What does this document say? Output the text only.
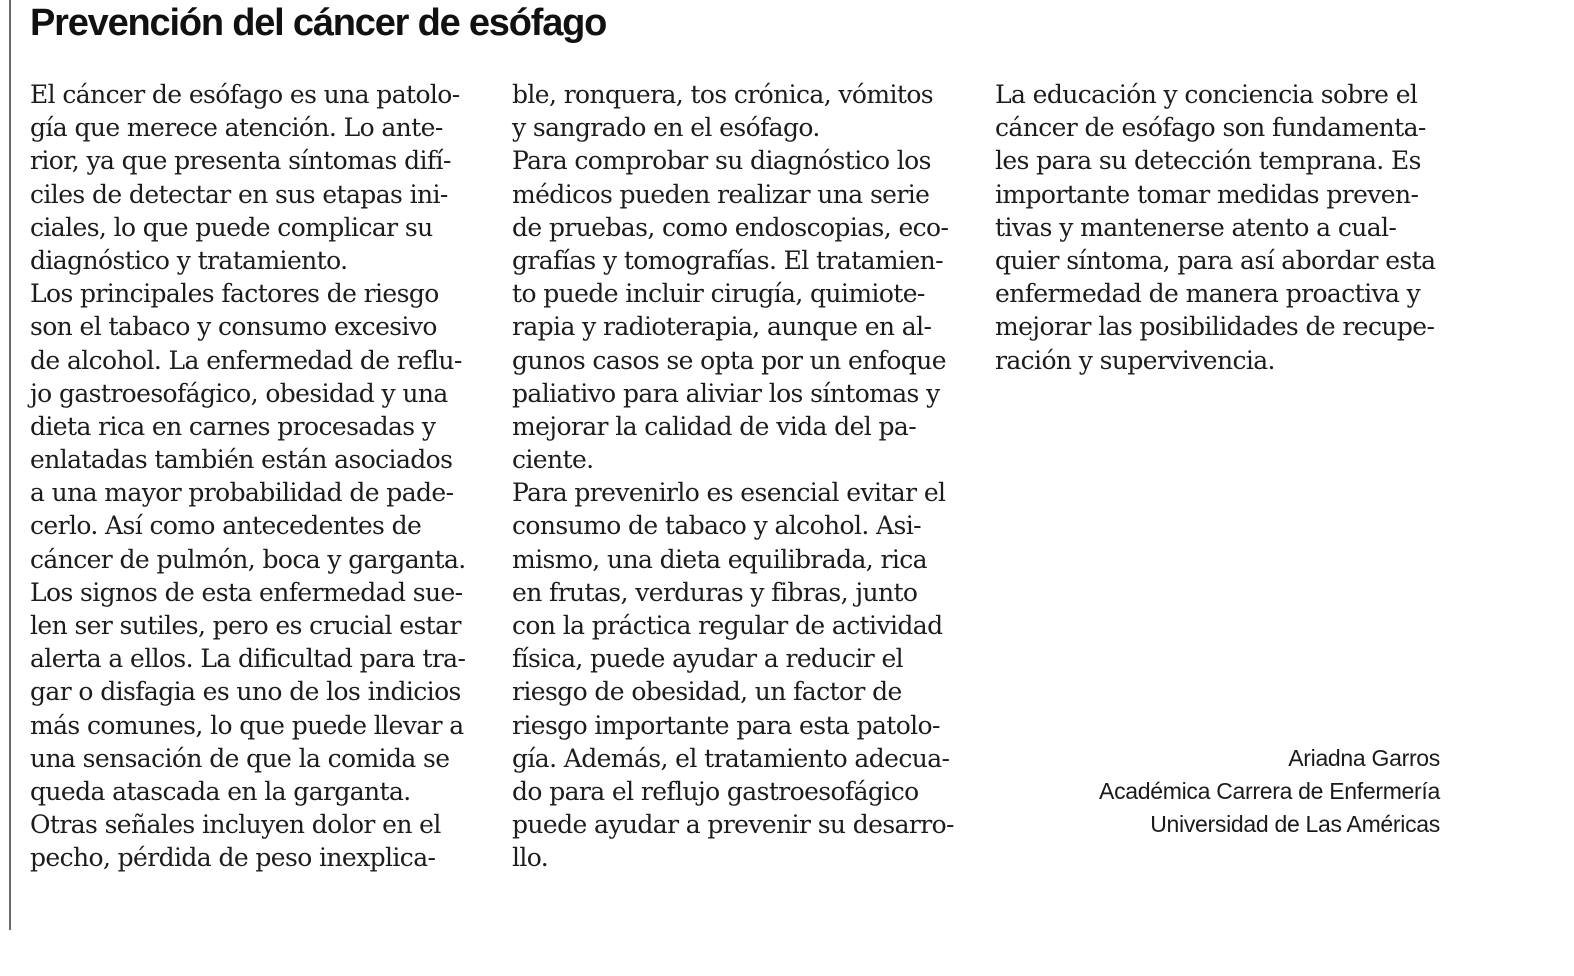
Prevención del cáncer de esófago
El cáncer de esófago es una patolo-
gía que merece atención. Lo ante-
rior, ya que presenta síntomas difí-
ciles de detectar en sus etapas ini-
ciales, lo que puede complicar su
diagnóstico y tratamiento.
Los principales factores de riesgo
son el tabaco y consumo excesivo
de alcohol. La enfermedad de reflu-
jo gastroesofágico, obesidad y una
dieta rica en carnes procesadas y
enlatadas también están asociados
a una mayor probabilidad de pade-
cerlo. Así como antecedentes de
cáncer de pulmón, boca y garganta.
Los signos de esta enfermedad sue-
len ser sutiles, pero es crucial estar
alerta a ellos. La dificultad para tra-
gar o disfagia es uno de los indicios
más comunes, lo que puede llevar a
una sensación de que la comida se
queda atascada en la garganta.
Otras señales incluyen dolor en el
pecho, pérdida de peso inexplica-
ble, ronquera, tos crónica, vómitos
y sangrado en el esófago.
Para comprobar su diagnóstico los
médicos pueden realizar una serie
de pruebas, como endoscopias, eco-
grafías y tomografías. El tratamien-
to puede incluir cirugía, quimiote-
rapia y radioterapia, aunque en al-
gunos casos se opta por un enfoque
paliativo para aliviar los síntomas y
mejorar la calidad de vida del pa-
ciente.
Para prevenirlo es esencial evitar el
consumo de tabaco y alcohol. Asi-
mismo, una dieta equilibrada, rica
en frutas, verduras y fibras, junto
con la práctica regular de actividad
física, puede ayudar a reducir el
riesgo de obesidad, un factor de
riesgo importante para esta patolo-
gía. Además, el tratamiento adecua-
do para el reflujo gastroesofágico
puede ayudar a prevenir su desarro-
llo.
La educación y conciencia sobre el
cáncer de esófago son fundamenta-
les para su detección temprana. Es
importante tomar medidas preven-
tivas y mantenerse atento a cual-
quier síntoma, para así abordar esta
enfermedad de manera proactiva y
mejorar las posibilidades de recupe-
ración y supervivencia.
Ariadna Garros
Académica Carrera de Enfermería
Universidad de Las Américas
